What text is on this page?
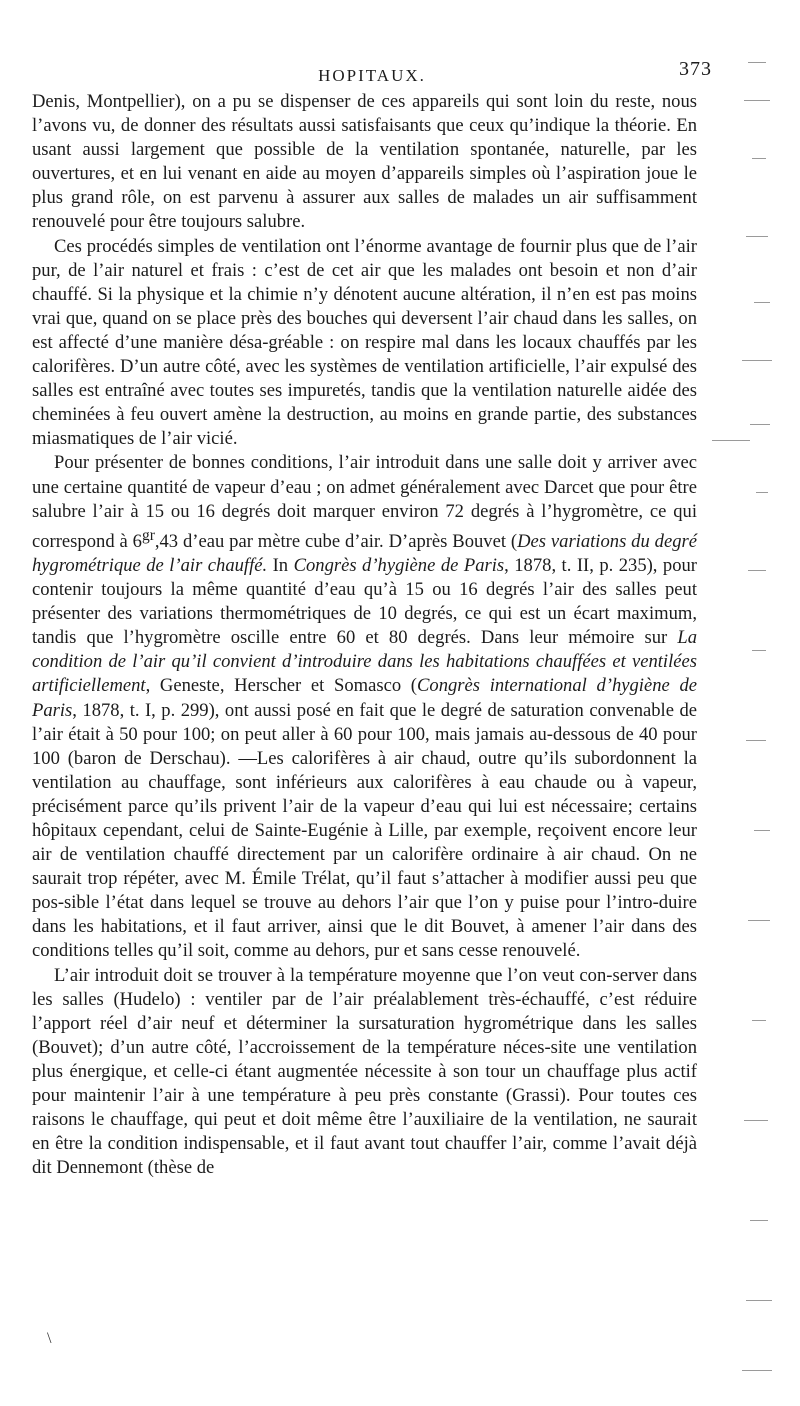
HOPITAUX.	373

Denis, Montpellier), on a pu se dispenser de ces appareils qui sont loin du reste, nous l’avons vu, de donner des résultats aussi satisfaisants que ceux qu’indique la théorie. En usant aussi largement que possible de la ventilation spontanée, naturelle, par les ouvertures, et en lui venant en aide au moyen d’appareils simples où l’aspiration joue le plus grand rôle, on est parvenu à assurer aux salles de malades un air suffisamment renouvelé pour être toujours salubre.

Ces procédés simples de ventilation ont l’énorme avantage de fournir plus que de l’air pur, de l’air naturel et frais : c’est de cet air que les malades ont besoin et non d’air chauffé. Si la physique et la chimie n’y dénotent aucune altération, il n’en est pas moins vrai que, quand on se place près des bouches qui deversent l’air chaud dans les salles, on est affecté d’une manière désa-gréable : on respire mal dans les locaux chauffés par les calorifères. D’un autre côté, avec les systèmes de ventilation artificielle, l’air expulsé des salles est entraîné avec toutes ses impuretés, tandis que la ventilation naturelle aidée des cheminées à feu ouvert amène la destruction, au moins en grande partie, des substances miasmatiques de l’air vicié.

Pour présenter de bonnes conditions, l’air introduit dans une salle doit y arriver avec une certaine quantité de vapeur d’eau ; on admet généralement avec Darcet que pour être salubre l’air à 15 ou 16 degrés doit marquer environ 72 degrés à l’hygromètre, ce qui correspond à $6^{gr},43$ d’eau par mètre cube d’air. D’après Bouvet (Des variations du degré hygrométrique de l’air chauffé. In Congrès d’hygiène de Paris, 1878, t. II, p. 235), pour contenir toujours la même quantité d’eau qu’à 15 ou 16 degrés l’air des salles peut présenter des variations thermométriques de 10 degrés, ce qui est un écart maximum, tandis que l’hygromètre oscille entre 60 et 80 degrés. Dans leur mémoire sur La condition de l’air qu’il convient d’introduire dans les habitations chauffées et ventilées artificiellement, Geneste, Herscher et Somasco (Congrès international d’hygiène de Paris, 1878, t. I, p. 299), ont aussi posé en fait que le degré de saturation convenable de l’air était à 50 pour 100; on peut aller à 60 pour 100, mais jamais au-dessous de 40 pour 100 (baron de Derschau). —Les calorifères à air chaud, outre qu’ils subordonnent la ventilation au chauffage, sont inférieurs aux calorifères à eau chaude ou à vapeur, précisément parce qu’ils privent l’air de la vapeur d’eau qui lui est nécessaire; certains hôpitaux cependant, celui de Sainte-Eugénie à Lille, par exemple, reçoivent encore leur air de ventilation chauffé directement par un calorifère ordinaire à air chaud. On ne saurait trop répéter, avec M. Émile Trélat, qu’il faut s’attacher à modifier aussi peu que pos-sible l’état dans lequel se trouve au dehors l’air que l’on y puise pour l’intro-duire dans les habitations, et il faut arriver, ainsi que le dit Bouvet, à amener l’air dans des conditions telles qu’il soit, comme au dehors, pur et sans cesse renouvelé.

L’air introduit doit se trouver à la température moyenne que l’on veut con-server dans les salles (Hudelo) : ventiler par de l’air préalablement très-échauffé, c’est réduire l’apport réel d’air neuf et déterminer la sursaturation hygrométrique dans les salles (Bouvet); d’un autre côté, l’accroissement de la température néces-site une ventilation plus énergique, et celle-ci étant augmentée nécessite à son tour un chauffage plus actif pour maintenir l’air à une température à peu près constante (Grassi). Pour toutes ces raisons le chauffage, qui peut et doit même être l’auxiliaire de la ventilation, ne saurait en être la condition indispensable, et il faut avant tout chauffer l’air, comme l’avait déjà dit Dennemont (thèse de

\
